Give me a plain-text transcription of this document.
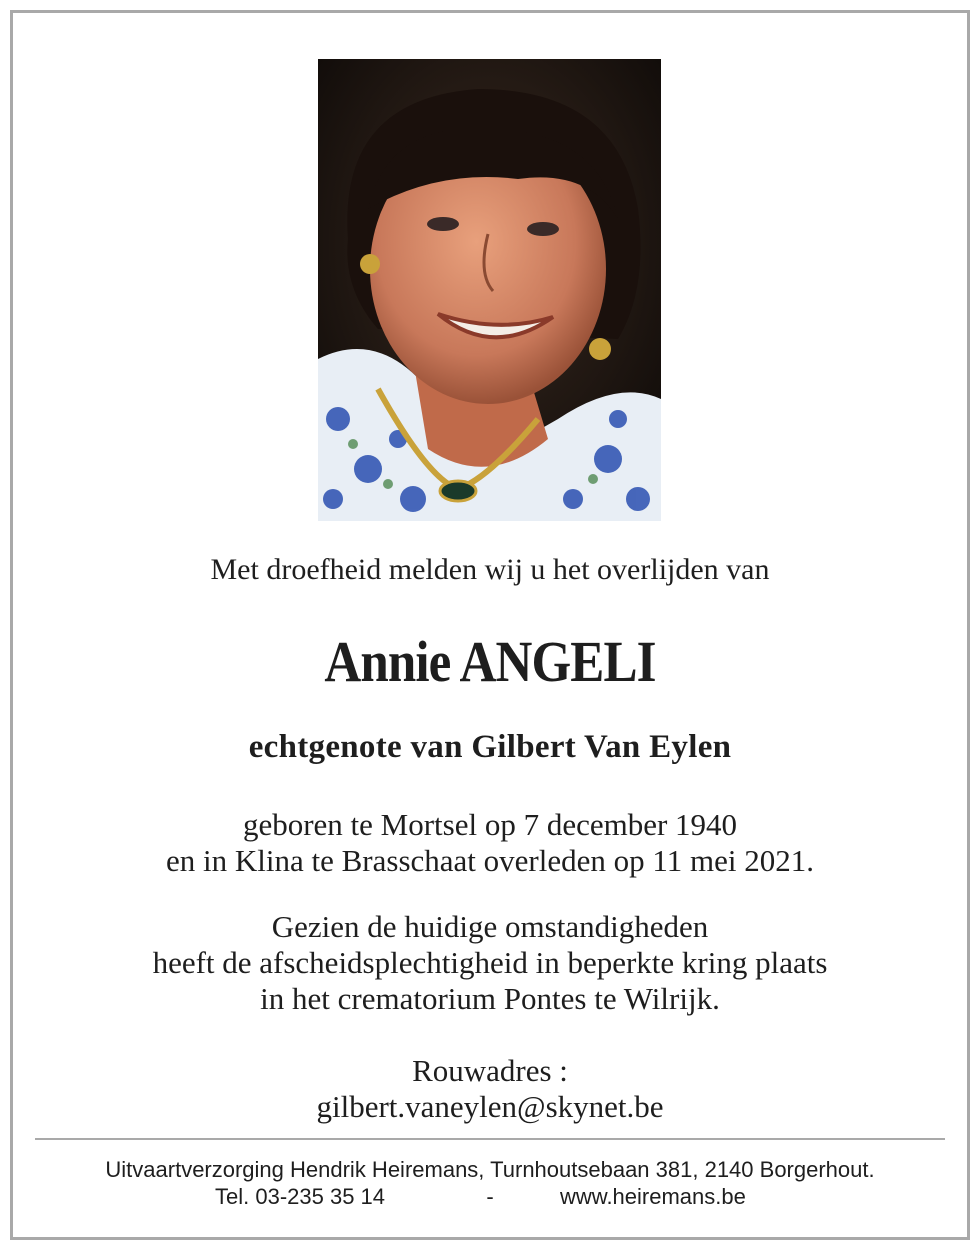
Met droefheid melden wij u het overlijden van
Annie ANGELI
echtgenote van Gilbert Van Eylen
geboren te Mortsel op 7 december 1940
en in Klina te Brasschaat overleden op 11 mei 2021.
Gezien de huidige omstandigheden
heeft de afscheidsplechtigheid in beperkte kring plaats
in het crematorium Pontes te Wilrijk.
Rouwadres :
gilbert.vaneylen@skynet.be
Uitvaartverzorging Hendrik Heiremans, Turnhoutsebaan 381, 2140 Borgerhout.
Tel. 03-235 35 14	-	www.heiremans.be
